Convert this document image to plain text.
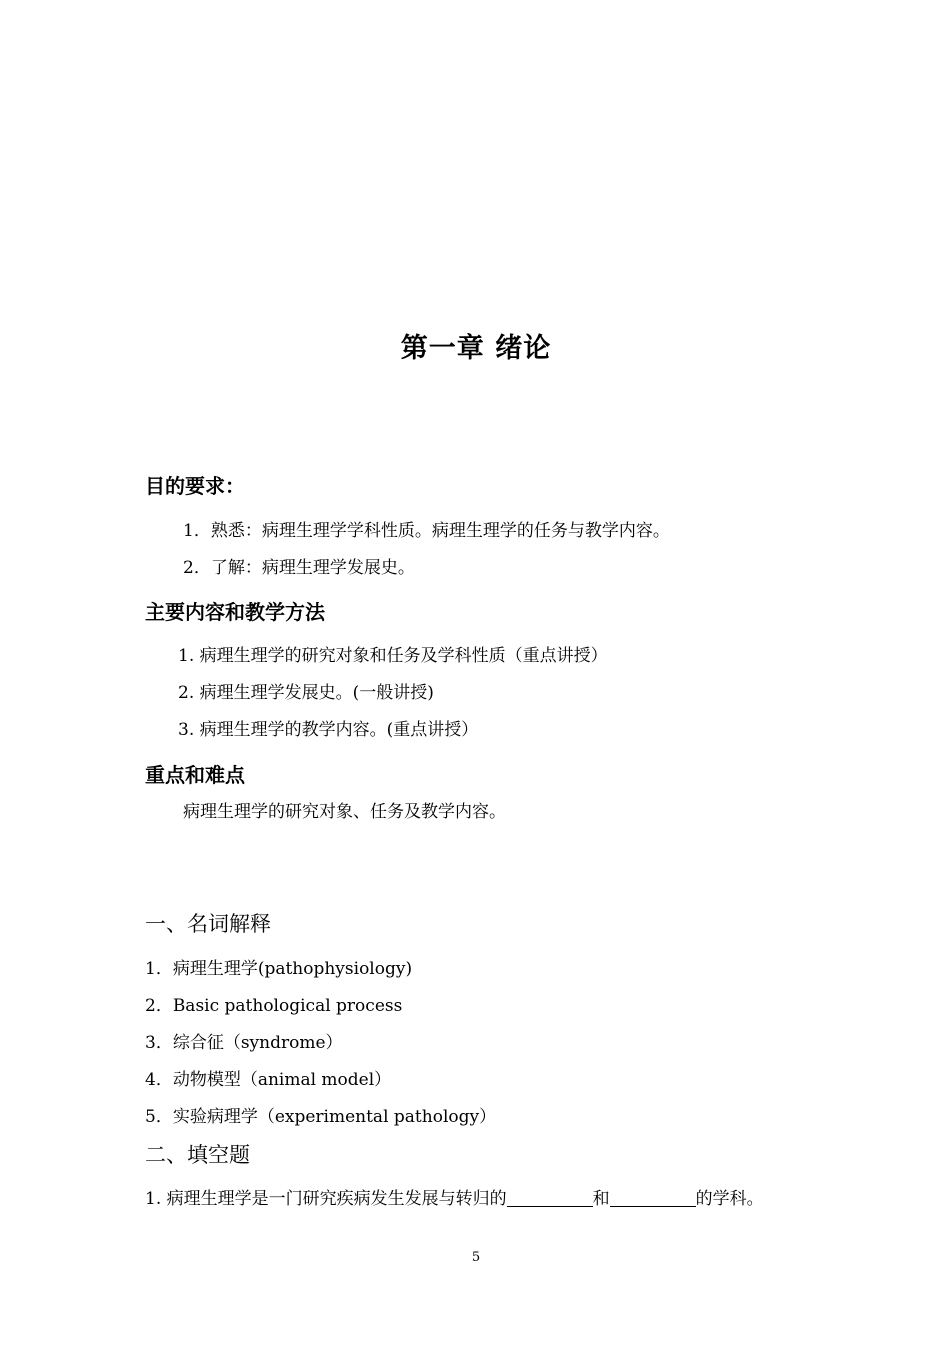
第一章 绪论
目的要求：

1．熟悉：病理生理学学科性质。病理生理学的任务与教学内容。

2．了解：病理生理学发展史。

主要内容和教学方法

1. 病理生理学的研究对象和任务及学科性质（重点讲授）

2. 病理生理学发展史。(一般讲授)

3. 病理生理学的教学内容。(重点讲授）

重点和难点

病理生理学的研究对象、任务及教学内容。

一、名词解释

1．病理生理学(pathophysiology)

2．Basic pathological process

3．综合征（syndrome）

4．动物模型（animal model）

5．实验病理学（experimental pathology）

二、填空题

1. 病理生理学是一门研究疾病发生发展与转归的	和	的学科。

5
